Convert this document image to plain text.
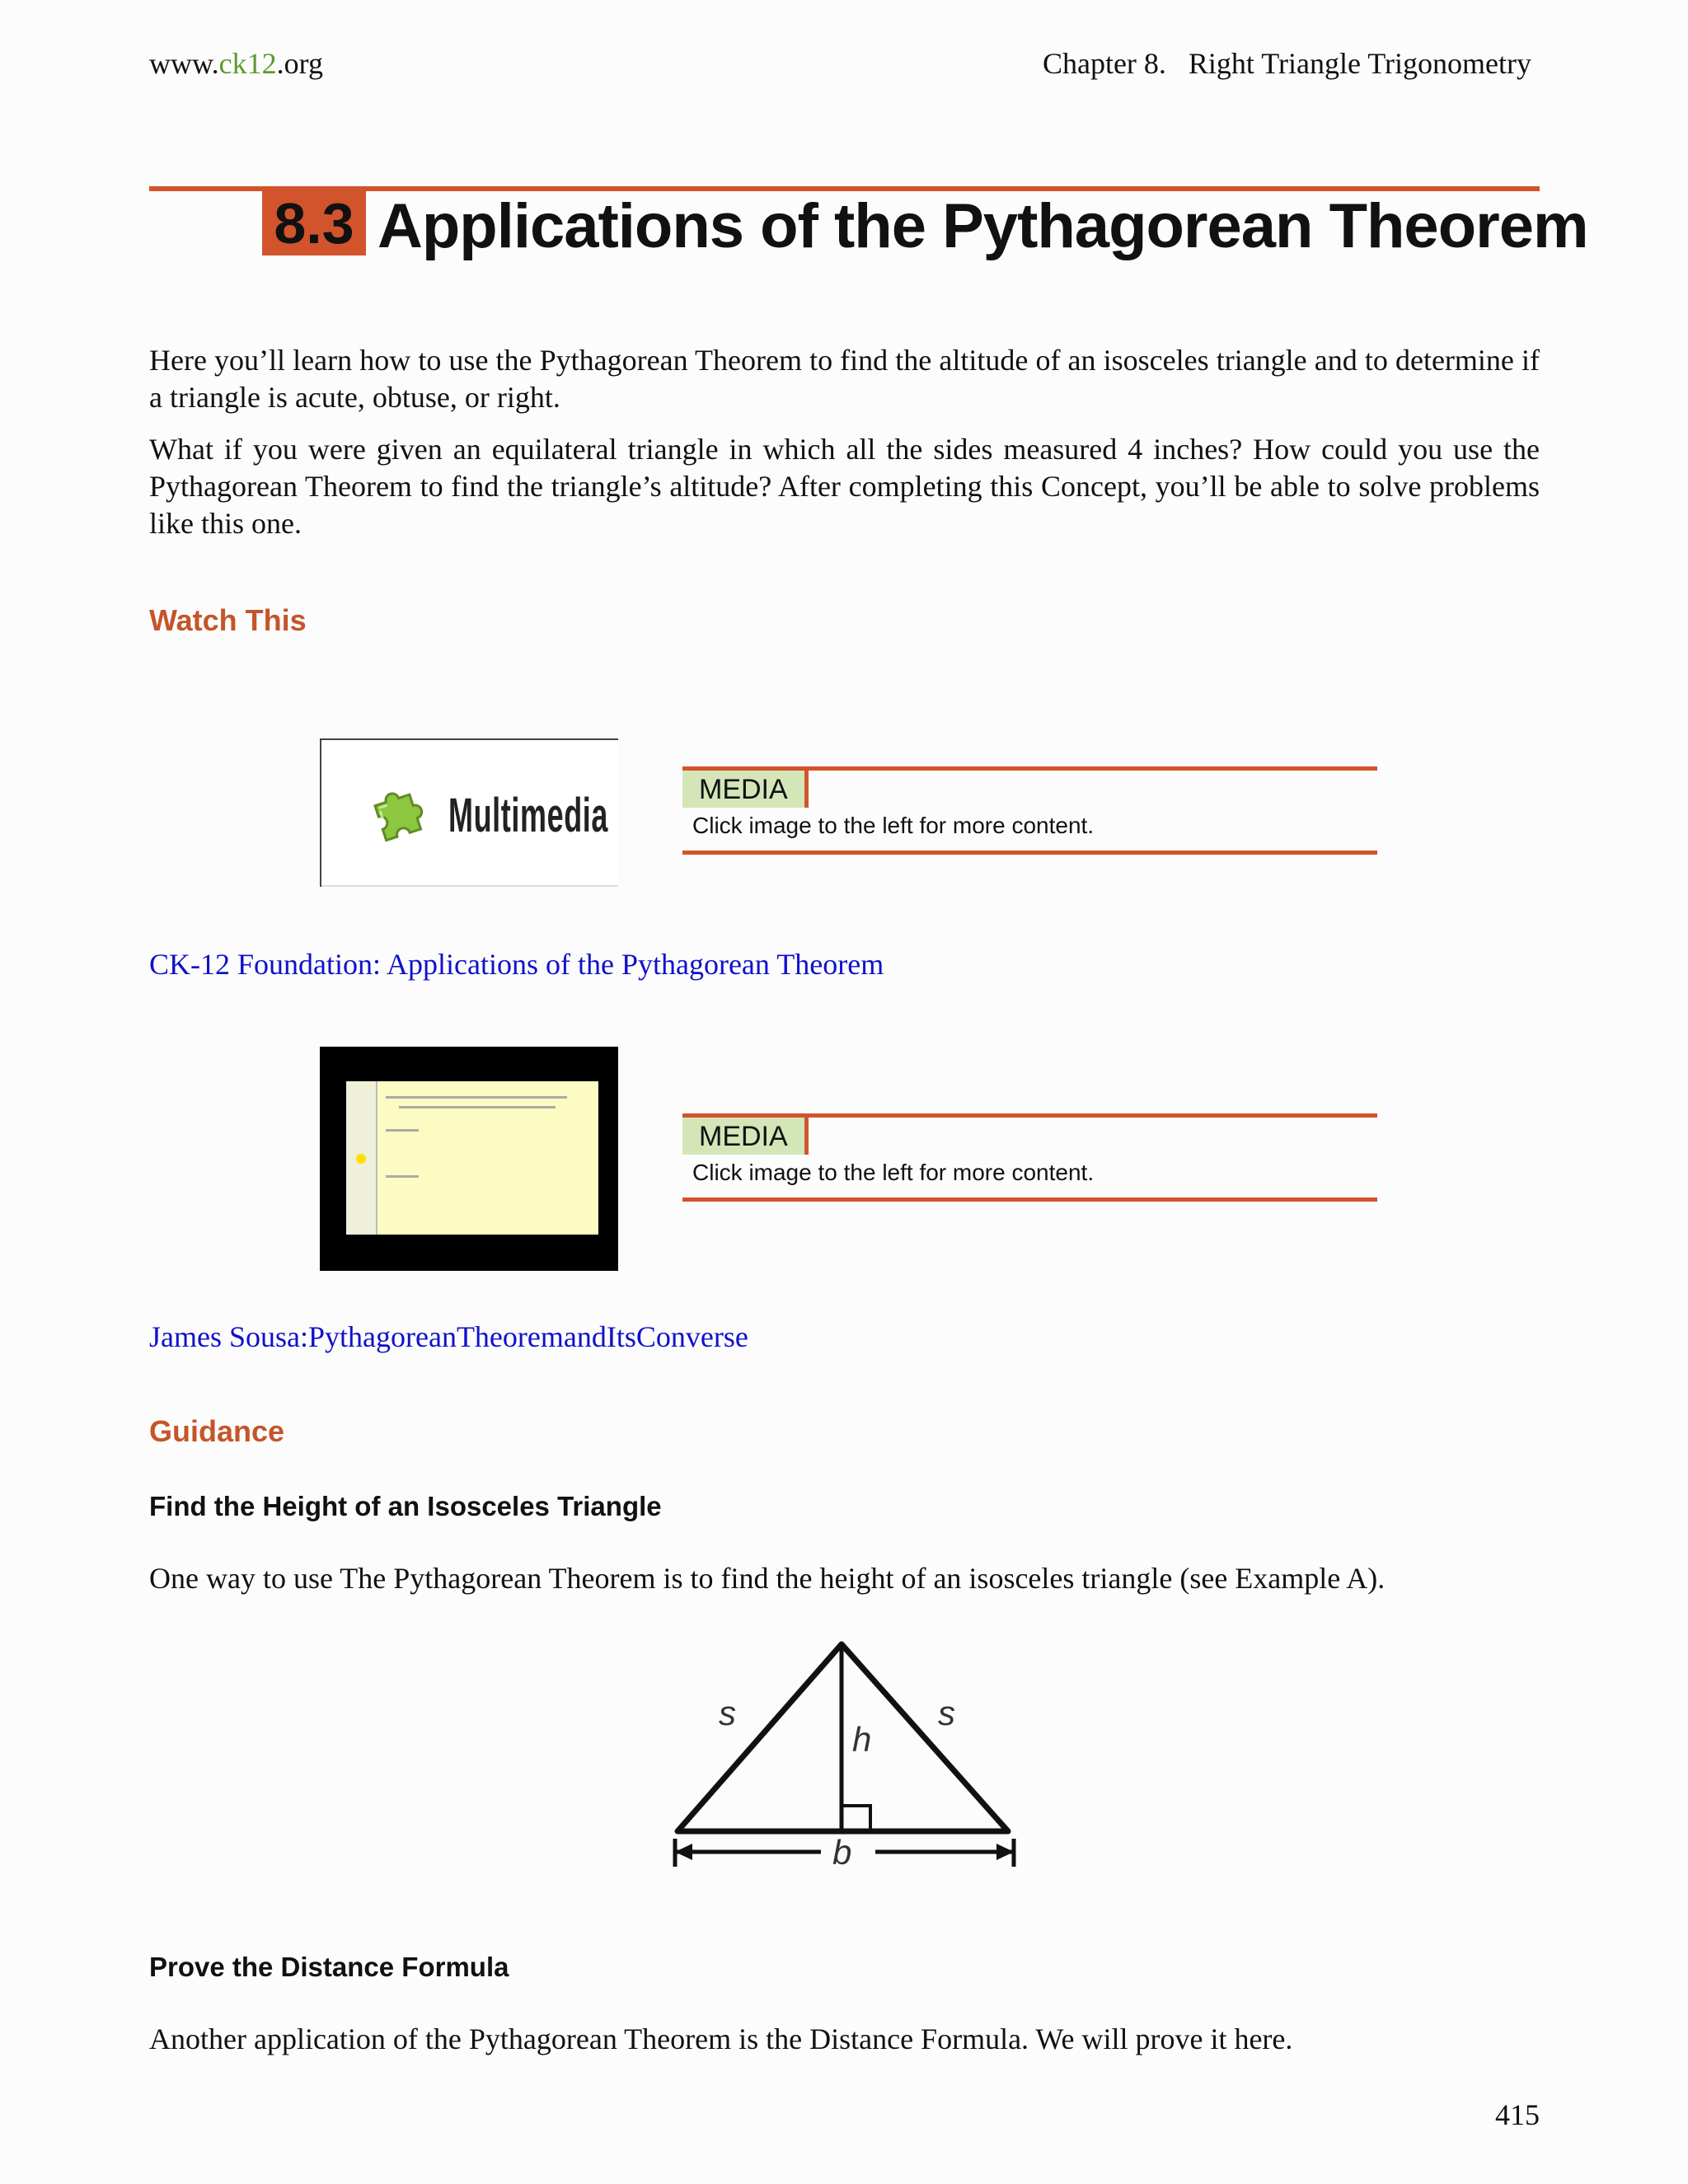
www.ck12.org	Chapter 8.   Right Triangle Trigonometry
8.3 Applications of the Pythagorean Theorem
Here you’ll learn how to use the Pythagorean Theorem to find the altitude of an isosceles triangle and to determine if a triangle is acute, obtuse, or right.
What if you were given an equilateral triangle in which all the sides measured 4 inches? How could you use the Pythagorean Theorem to find the triangle’s altitude? After completing this Concept, you’ll be able to solve problems like this one.
Watch This
Multimedia	MEDIA
Click image to the left for more content.
CK-12 Foundation: Applications of the Pythagorean Theorem
MEDIA
Click image to the left for more content.
James Sousa:PythagoreanTheoremandItsConverse
Guidance
Find the Height of an Isosceles Triangle
One way to use The Pythagorean Theorem is to find the height of an isosceles triangle (see Example A).
s	s
h
b
Prove the Distance Formula
Another application of the Pythagorean Theorem is the Distance Formula. We will prove it here.
415
